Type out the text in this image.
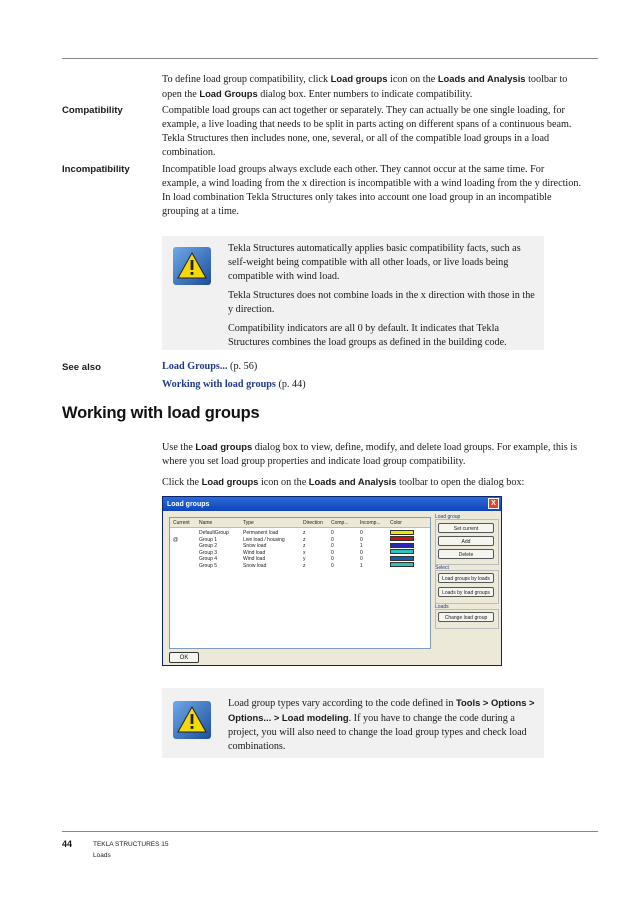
To define load group compatibility, click Load groups icon on the Loads and Analysis toolbar to open the Load Groups dialog box. Enter numbers to indicate compatibility.
Compatibility	Compatible load groups can act together or separately. They can actually be one single loading, for example, a live loading that needs to be split in parts acting on different spans of a continuous beam. Tekla Structures then includes none, one, several, or all of the compatible load groups in a load combination.
Incompatibility	Incompatible load groups always exclude each other. They cannot occur at the same time. For example, a wind loading from the x direction is incompatible with a wind loading from the y direction. In load combination Tekla Structures only takes into account one load group in an incompatible grouping at a time.

Tekla Structures automatically applies basic compatibility facts, such as self-weight being compatible with all other loads, or live loads being compatible with wind load.

Tekla Structures does not combine loads in the x direction with those in the y direction.

Compatibility indicators are all 0 by default. It indicates that Tekla Structures combines the load groups as defined in the building code.

See also	Load Groups... (p. 56)
Working with load groups (p. 44)
Working with load groups
Use the Load groups dialog box to view, define, modify, and delete load groups. For example, this is where you set load group properties and indicate load group compatibility.
Click the Load groups icon on the Loads and Analysis toolbar to open the dialog box:
Load groups	X
Current	Name	Type	Direction	Comp...	Incomp...	Color
DefaultGroup	Permanent load	z	0	0
@	Group 1	Live load / housing	z	0	0
Group 2	Snow load	z	0	1
Group 3	Wind load	x	0	0
Group 4	Wind load	y	0	0
Group 5	Snow load	z	0	1
Load group
Set current
Add
Delete
Select
Load groups by loads
Loads by load groups
Loads
Change load group
OK
Load group types vary according to the code defined in Tools > Options > Options... > Load modeling. If you have to change the code during a project, you will also need to change the load group types and check load combinations.
44	TEKLA STRUCTURES 15
Loads
